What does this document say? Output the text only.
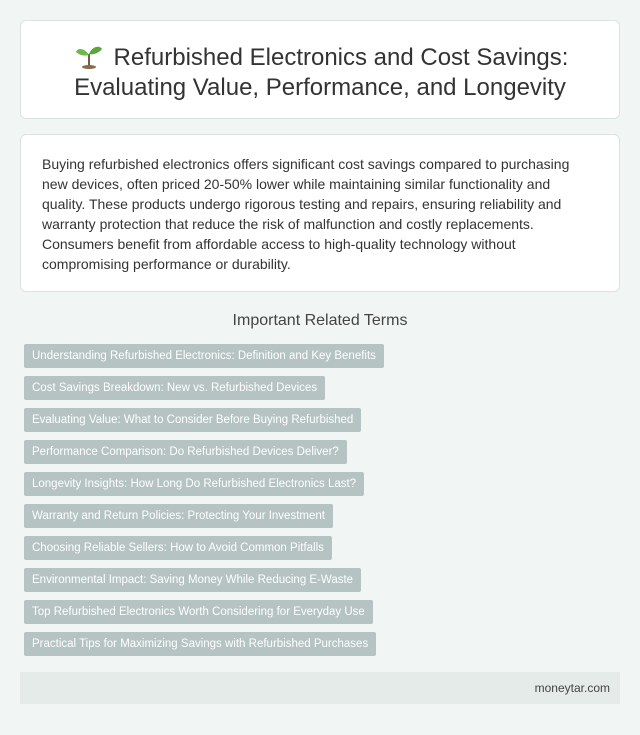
Refurbished Electronics and Cost Savings:
Evaluating Value, Performance, and Longevity

Buying refurbished electronics offers significant cost savings compared to purchasing new devices, often priced 20-50% lower while maintaining similar functionality and quality. These products undergo rigorous testing and repairs, ensuring reliability and warranty protection that reduce the risk of malfunction and costly replacements. Consumers benefit from affordable access to high-quality technology without compromising performance or durability.

Important Related Terms
Understanding Refurbished Electronics: Definition and Key Benefits
Cost Savings Breakdown: New vs. Refurbished Devices
Evaluating Value: What to Consider Before Buying Refurbished
Performance Comparison: Do Refurbished Devices Deliver?
Longevity Insights: How Long Do Refurbished Electronics Last?
Warranty and Return Policies: Protecting Your Investment
Choosing Reliable Sellers: How to Avoid Common Pitfalls
Environmental Impact: Saving Money While Reducing E-Waste
Top Refurbished Electronics Worth Considering for Everyday Use
Practical Tips for Maximizing Savings with Refurbished Purchases
moneytar.com
